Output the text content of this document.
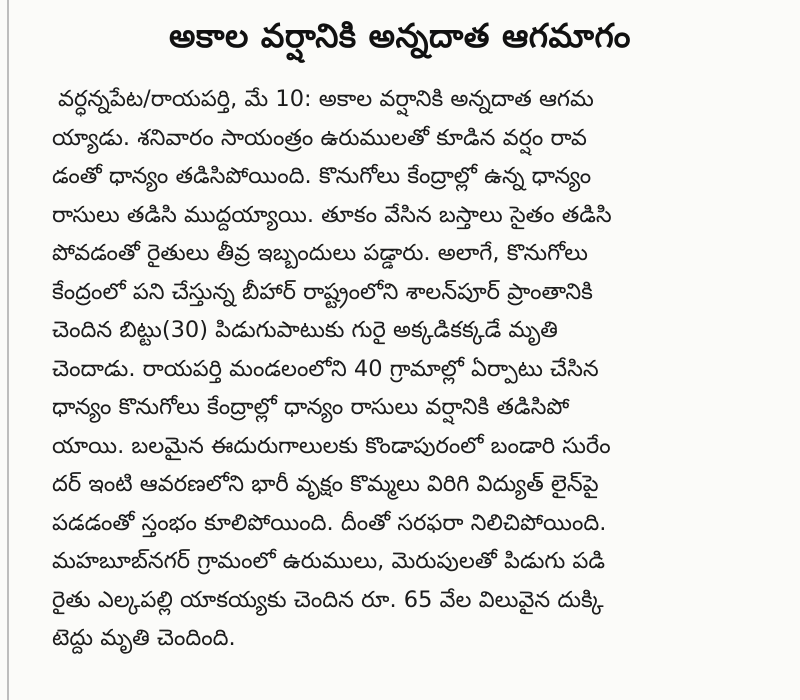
అకాల వర్షానికి అన్నదాత ఆగమాగం
వర్ధన్నపేట/రాయపర్తి, మే 10: అకాల వర్షానికి అన్నదాత ఆగమ
య్యాడు. శనివారం సాయంత్రం ఉరుములతో కూడిన వర్షం రావ
డంతో ధాన్యం తడిసిపోయింది. కొనుగోలు కేంద్రాల్లో ఉన్న ధాన్యం
రాసులు తడిసి ముద్దయ్యాయి. తూకం వేసిన బస్తాలు సైతం తడిసి
పోవడంతో రైతులు తీవ్ర ఇబ్బందులు పడ్డారు. అలాగే, కొనుగోలు
కేంద్రంలో పని చేస్తున్న బీహార్ రాష్ట్రంలోని శాలన్‌పూర్ ప్రాంతానికి
చెందిన బిట్టు(30) పిడుగుపాటుకు గురై అక్కడికక్కడే మృతి
చెందాడు. రాయపర్తి మండలంలోని 40 గ్రామాల్లో ఏర్పాటు చేసిన
ధాన్యం కొనుగోలు కేంద్రాల్లో ధాన్యం రాసులు వర్షానికి తడిసిపో
యాయి. బలమైన ఈదురుగాలులకు కొండాపురంలో బండారి సురేం
దర్ ఇంటి ఆవరణలోని భారీ వృక్షం కొమ్మలు విరిగి విద్యుత్ లైన్‌పై
పడడంతో స్తంభం కూలిపోయింది. దీంతో సరఫరా నిలిచిపోయింది.
మహబూబ్‌నగర్ గ్రామంలో ఉరుములు, మెరుపులతో పిడుగు పడి
రైతు ఎల్కపల్లి యాకయ్యకు చెందిన రూ. 65 వేల విలువైన దుక్కి
టెద్దు మృతి చెందింది.
